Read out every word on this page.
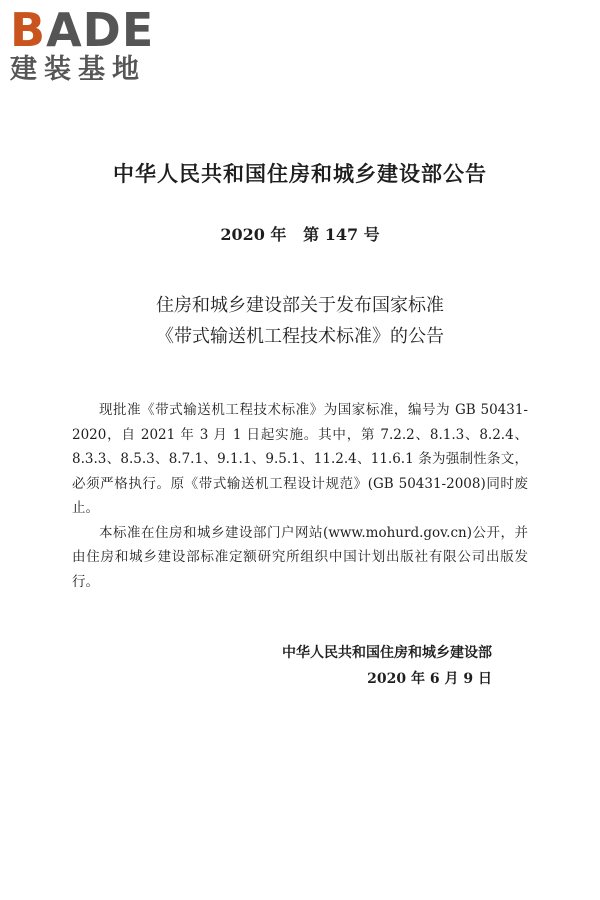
BADE
建装基地
中华人民共和国住房和城乡建设部公告
2020 年   第 147 号
住房和城乡建设部关于发布国家标准
《带式输送机工程技术标准》的公告

现批准《带式输送机工程技术标准》为国家标准，编号为 GB 50431-2020，自 2021 年 3 月 1 日起实施。其中，第 7.2.2、8.1.3、8.2.4、8.3.3、8.5.3、8.7.1、9.1.1、9.5.1、11.2.4、11.6.1 条为强制性条文，必须严格执行。原《带式输送机工程设计规范》(GB 50431-2008)同时废止。

本标准在住房和城乡建设部门户网站(www.mohurd.gov.cn)公开，并由住房和城乡建设部标准定额研究所组织中国计划出版社有限公司出版发行。

中华人民共和国住房和城乡建设部
2020 年 6 月 9 日
